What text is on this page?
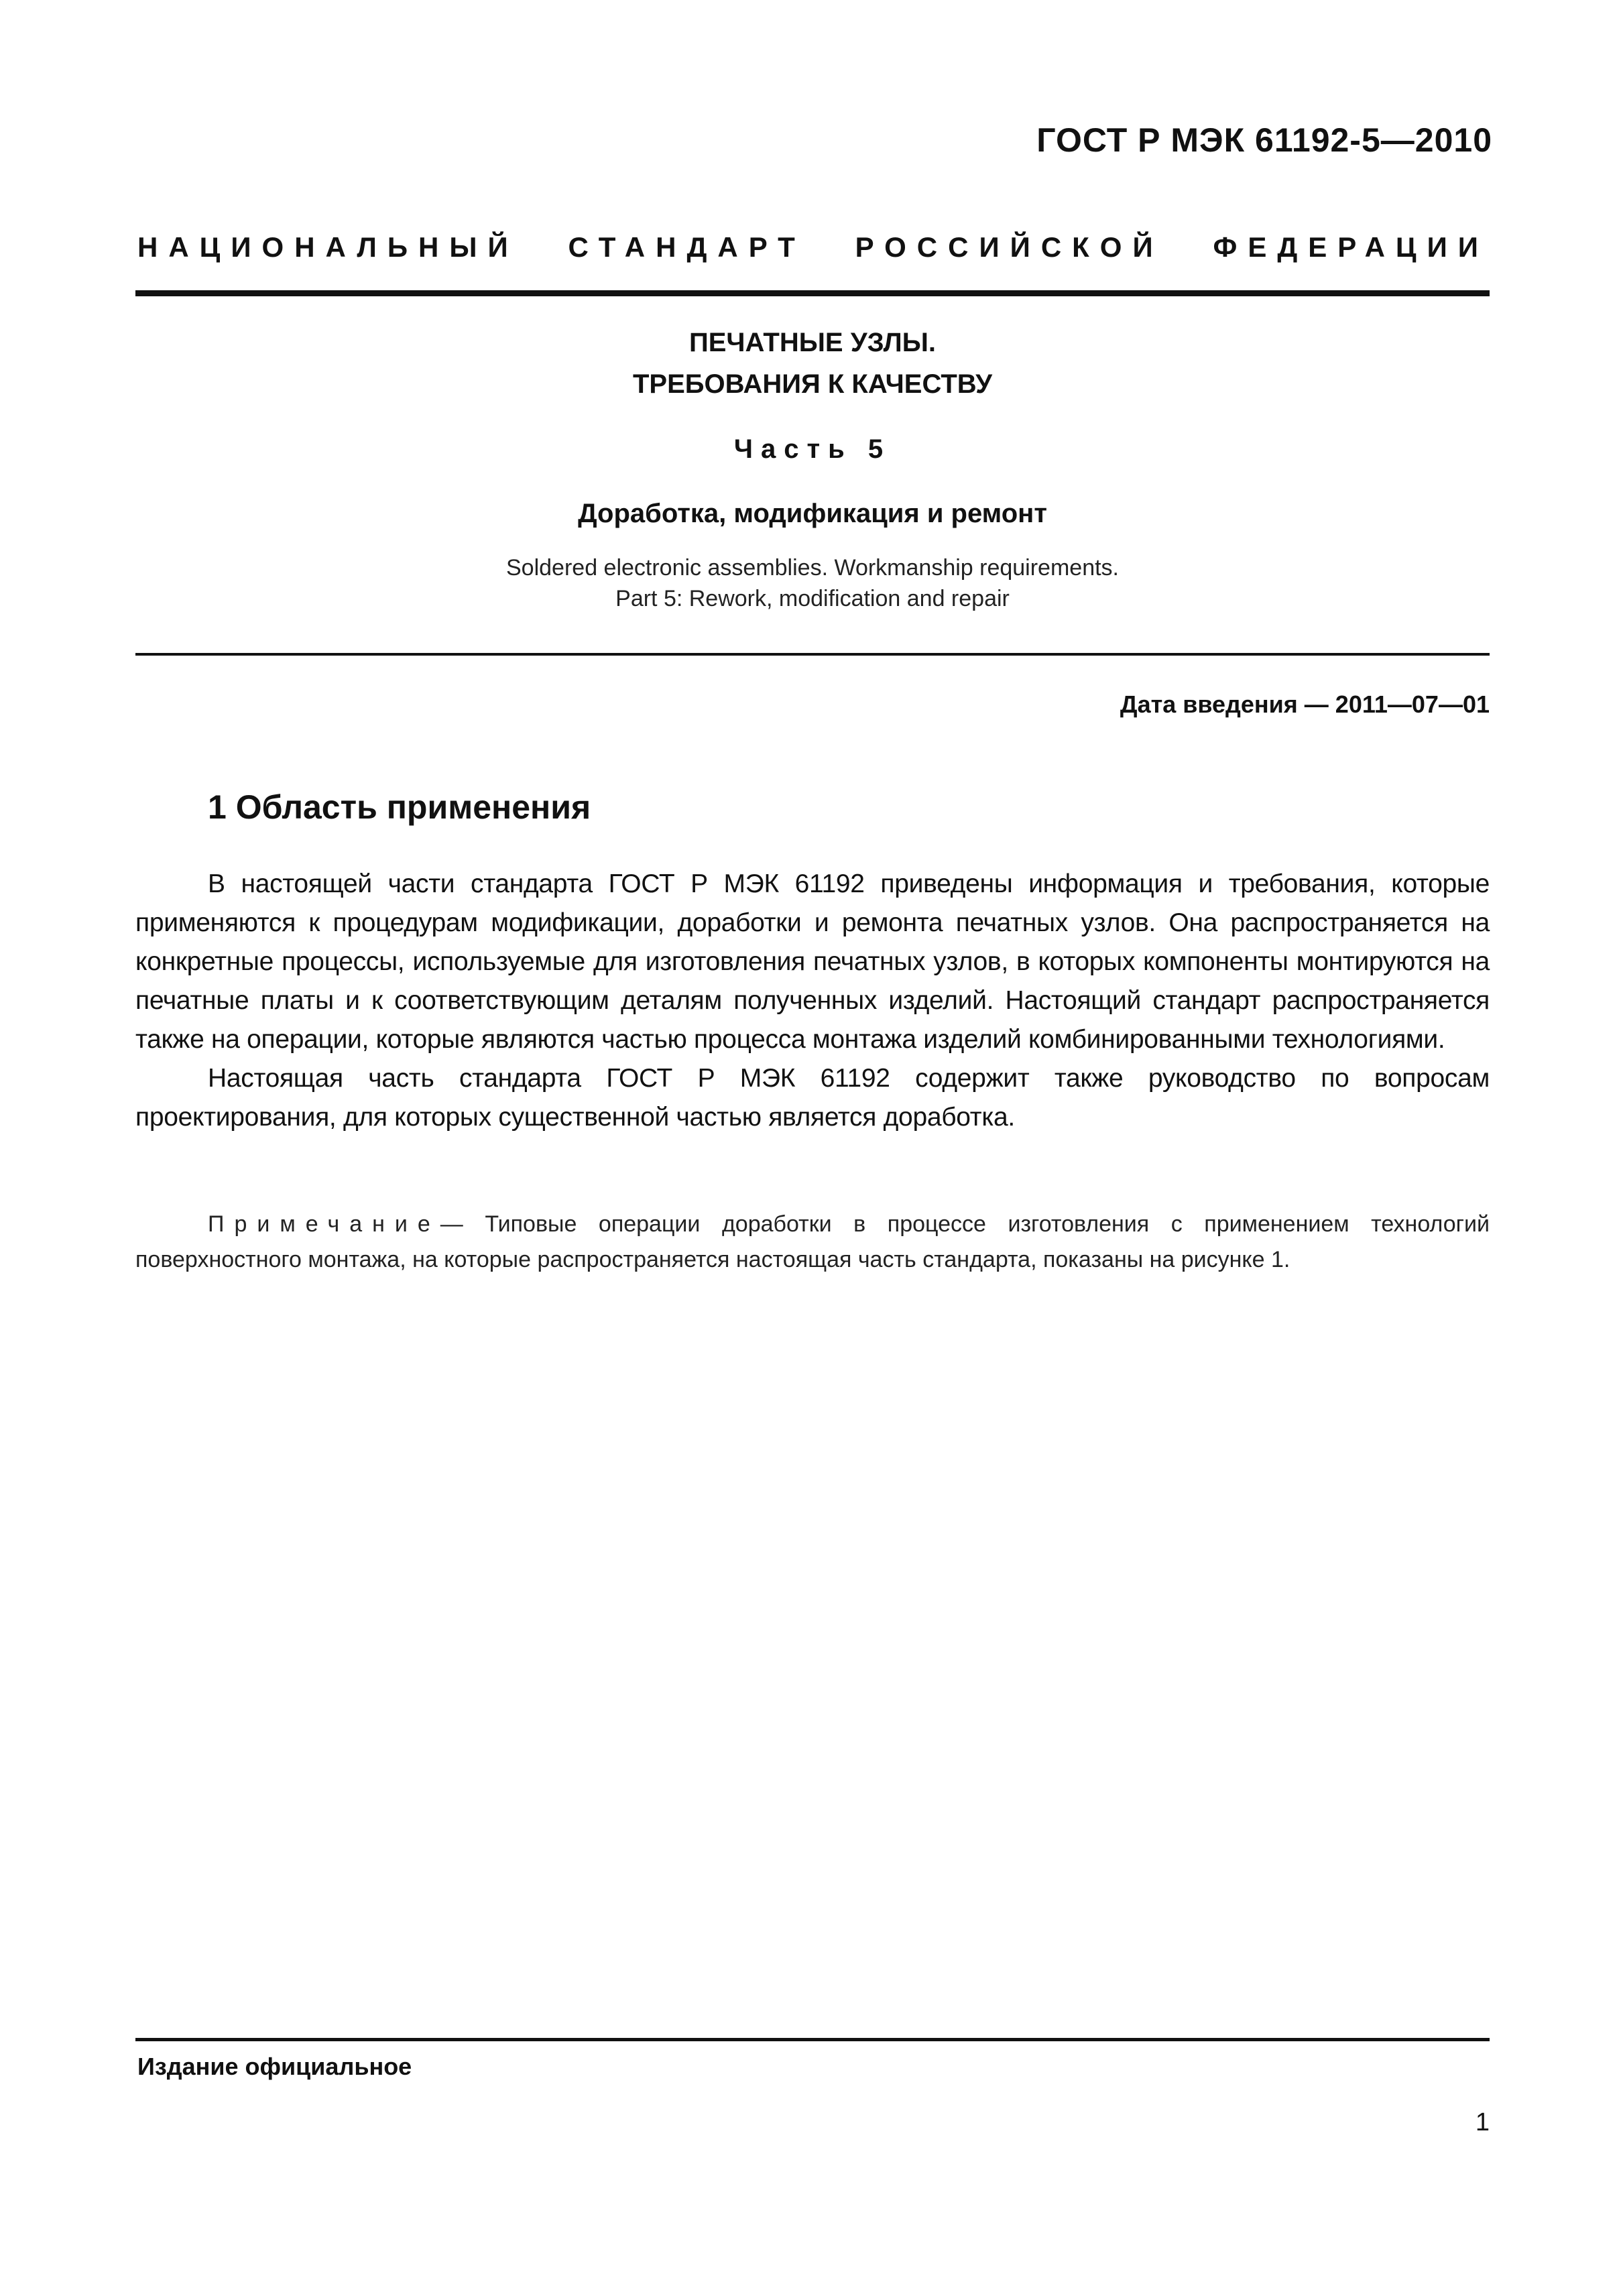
ГОСТ Р МЭК 61192-5—2010
НАЦИОНАЛЬНЫЙ СТАНДАРТ РОССИЙСКОЙ ФЕДЕРАЦИИ
ПЕЧАТНЫЕ УЗЛЫ.
ТРЕБОВАНИЯ К КАЧЕСТВУ
Часть 5
Доработка, модификация и ремонт
Soldered electronic assemblies. Workmanship requirements.
Part 5: Rework, modification and repair
Дата введения — 2011—07—01
1 Область применения

В настоящей части стандарта ГОСТ Р МЭК 61192 приведены информация и требования, которые применяются к процедурам модификации, доработки и ремонта печатных узлов. Она распространяется на конкретные процессы, используемые для изготовления печатных узлов, в которых компоненты монтируются на печатные платы и к соответствующим деталям полученных изделий. Настоящий стандарт распространяется также на операции, которые являются частью процесса монтажа изделий комбинированными технологиями.

Настоящая часть стандарта ГОСТ Р МЭК 61192 содержит также руководство по вопросам проектирования, для которых существенной частью является доработка.

Примечание— Типовые операции доработки в процессе изготовления с применением технологий поверхностного монтажа, на которые распространяется настоящая часть стандарта, показаны на рисунке 1.

Издание официальное
1
